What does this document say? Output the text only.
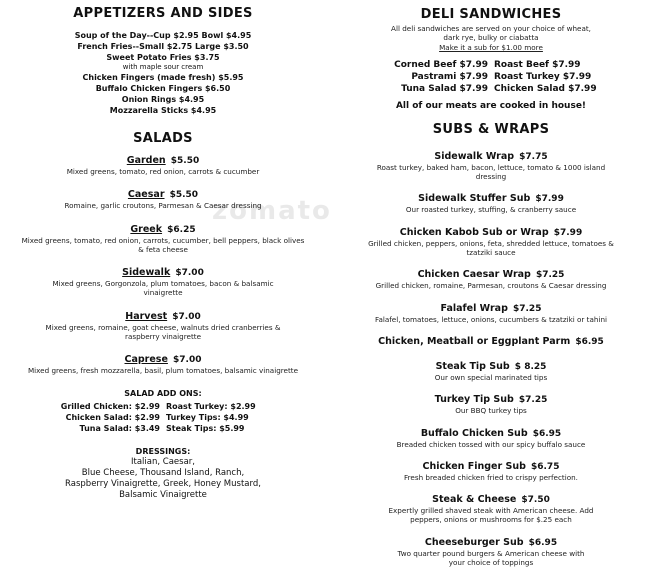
zomato
APPETIZERS AND SIDES
Soup of the Day--Cup $2.95 Bowl $4.95
French Fries--Small $2.75 Large $3.50
Sweet Potato Fries $3.75
with maple sour cream
Chicken Fingers (made fresh) $5.95
Buffalo Chicken Fingers $6.50
Onion Rings $4.95
Mozzarella Sticks $4.95
SALADS
Garden $5.50
Mixed greens, tomato, red onion, carrots & cucumber
Caesar $5.50
Romaine, garlic croutons, Parmesan & Caesar dressing
Greek $6.25
Mixed greens, tomato, red onion, carrots, cucumber, bell peppers, black olives & feta cheese
Sidewalk $7.00
Mixed greens, Gorgonzola, plum tomatoes, bacon & balsamic vinaigrette
Harvest $7.00
Mixed greens, romaine, goat cheese, walnuts dried cranberries & raspberry vinaigrette
Caprese $7.00
Mixed greens, fresh mozzarella, basil, plum tomatoes, balsamic vinaigrette
SALAD ADD ONS:
Grilled Chicken: $2.99 Roast Turkey: $2.99
Chicken Salad: $2.99 Turkey Tips: $4.99
Tuna Salad: $3.49 Steak Tips: $5.99
DRESSINGS:
Italian, Caesar,
Blue Cheese, Thousand Island, Ranch,
Raspberry Vinaigrette, Greek, Honey Mustard,
Balsamic Vinaigrette
DELI SANDWICHES
All deli sandwiches are served on your choice of wheat,
dark rye, bulky or ciabatta
Make it a sub for $1.00 more
Corned Beef $7.99 Roast Beef $7.99
Pastrami $7.99 Roast Turkey $7.99
Tuna Salad $7.99 Chicken Salad $7.99
All of our meats are cooked in house!
SUBS & WRAPS
Sidewalk Wrap $7.75
Roast turkey, baked ham, bacon, lettuce, tomato & 1000 island dressing
Sidewalk Stuffer Sub $7.99
Our roasted turkey, stuffing, & cranberry sauce
Chicken Kabob Sub or Wrap $7.99
Grilled chicken, peppers, onions, feta, shredded lettuce, tomatoes & tzatziki sauce
Chicken Caesar Wrap $7.25
Grilled chicken, romaine, Parmesan, croutons & Caesar dressing
Falafel Wrap $7.25
Falafel, tomatoes, lettuce, onions, cucumbers & tzatziki or tahini
Chicken, Meatball or Eggplant Parm $6.95
Steak Tip Sub $ 8.25
Our own special marinated tips
Turkey Tip Sub $7.25
Our BBQ turkey tips
Buffalo Chicken Sub $6.95
Breaded chicken tossed with our spicy buffalo sauce
Chicken Finger Sub $6.75
Fresh breaded chicken fried to crispy perfection.
Steak & Cheese $7.50
Expertly grilled shaved steak with American cheese. Add peppers, onions or mushrooms for $.25 each
Cheeseburger Sub $6.95
Two quarter pound burgers & American cheese with your choice of toppings
